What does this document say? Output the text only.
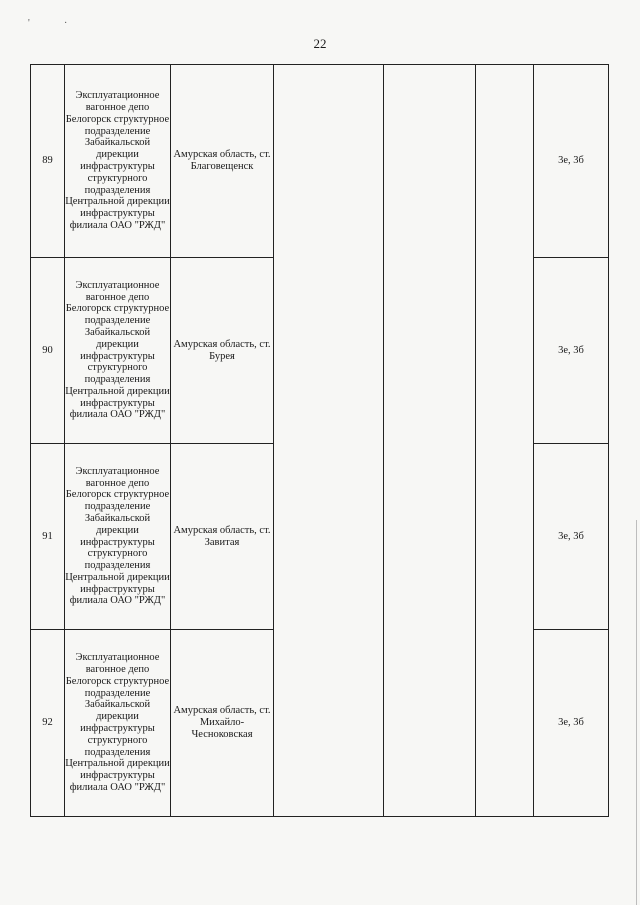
'	·
22
89	Эксплуатационное вагонное депо Белогорск структурное подразделение Забайкальской дирекции инфраструктуры структурного подразделения Центральной дирекции инфраструктуры филиала ОАО "РЖД"	Амурская область, ст. Благовещенск				3е, 3б
90	Эксплуатационное вагонное депо Белогорск структурное подразделение Забайкальской дирекции инфраструктуры структурного подразделения Центральной дирекции инфраструктуры филиала ОАО "РЖД"	Амурская область, ст. Бурея				3е, 3б
91	Эксплуатационное вагонное депо Белогорск структурное подразделение Забайкальской дирекции инфраструктуры структурного подразделения Центральной дирекции инфраструктуры филиала ОАО "РЖД"	Амурская область, ст. Завитая				3е, 3б
92	Эксплуатационное вагонное депо Белогорск структурное подразделение Забайкальской дирекции инфраструктуры структурного подразделения Центральной дирекции инфраструктуры филиала ОАО "РЖД"	Амурская область, ст. Михайло-Чесноковская				3е, 3б
